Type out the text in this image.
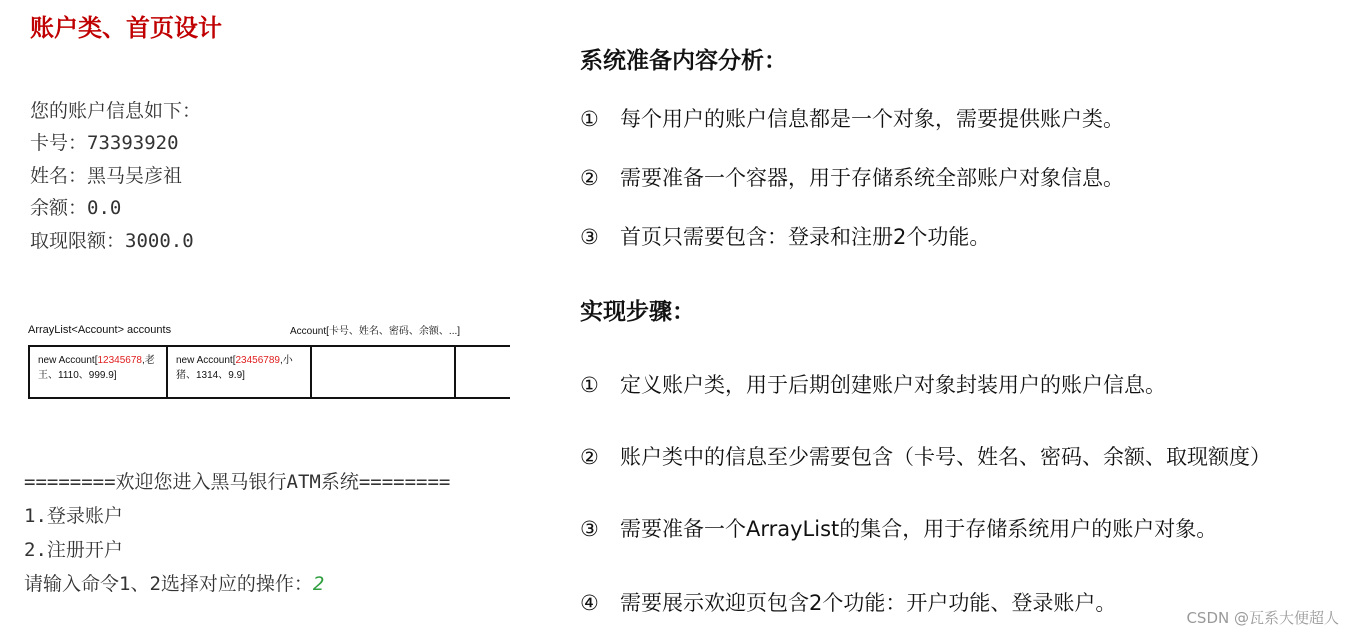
账户类、首页设计
您的账户信息如下：
卡号：73393920
姓名：黑马吴彦祖
余额：0.0
取现限额：3000.0
ArrayList<Account> accounts	Account[卡号、姓名、密码、余额、...]
new Account[12345678,老王、1110、999.9]
new Account[23456789,小猪、1314、9.9]
========欢迎您进入黑马银行ATM系统========
1.登录账户
2.注册开户
请输入命令1、2选择对应的操作：2
系统准备内容分析：
① 每个用户的账户信息都是一个对象，需要提供账户类。
② 需要准备一个容器，用于存储系统全部账户对象信息。
③ 首页只需要包含：登录和注册2个功能。
实现步骤：
① 定义账户类，用于后期创建账户对象封装用户的账户信息。
② 账户类中的信息至少需要包含（卡号、姓名、密码、余额、取现额度）
③ 需要准备一个ArrayList的集合，用于存储系统用户的账户对象。
④ 需要展示欢迎页包含2个功能：开户功能、登录账户。
CSDN @瓦系大便超人
